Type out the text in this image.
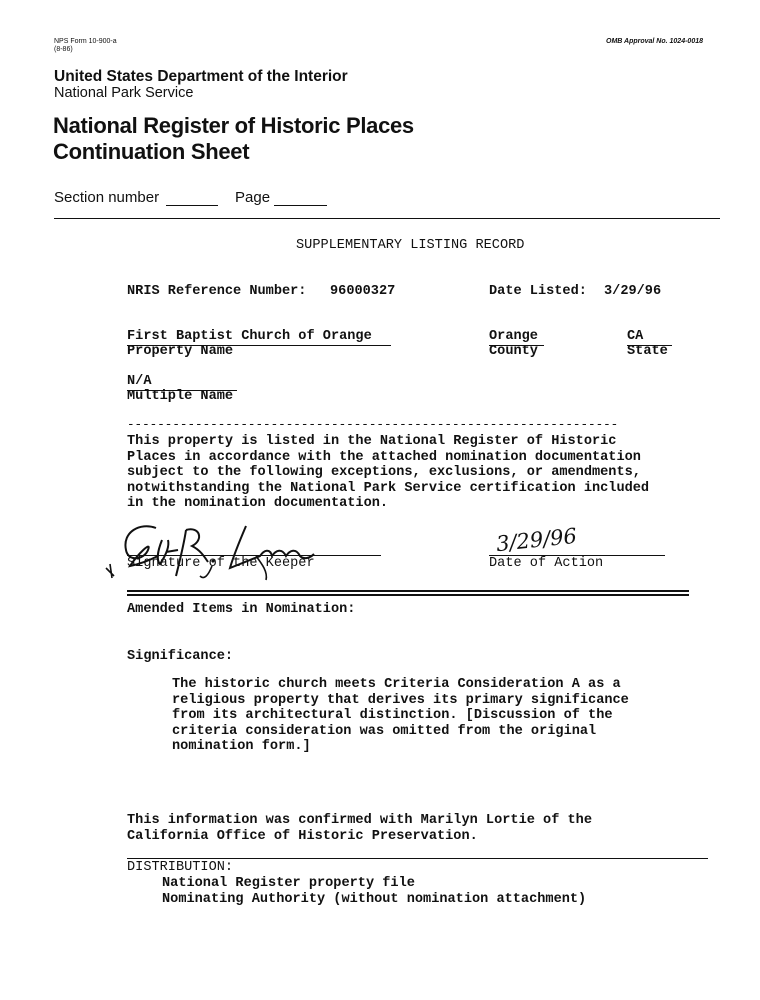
NPS Form 10-900-a
(8-86)
OMB Approval No. 1024-0018
United States Department of the Interior
National Park Service
National Register of Historic Places
Continuation Sheet
Section number	Page
SUPPLEMENTARY LISTING RECORD
NRIS Reference Number: 96000327	Date Listed: 3/29/96
First Baptist Church of Orange
Property Name
Orange
County
CA
State
N/A
Multiple Name
-----------------------------------------------------------------
This property is listed in the National Register of Historic
Places in accordance with the attached nomination documentation
subject to the following exceptions, exclusions, or amendments,
notwithstanding the National Park Service certification included
in the nomination documentation.
Signature of the Keeper
3/29/96
Date of Action
Amended Items in Nomination:
Significance:
The historic church meets Criteria Consideration A as a
religious property that derives its primary significance
from its architectural distinction. [Discussion of the
criteria consideration was omitted from the original
nomination form.]
This information was confirmed with Marilyn Lortie of the
California Office of Historic Preservation.
DISTRIBUTION:
National Register property file
Nominating Authority (without nomination attachment)
